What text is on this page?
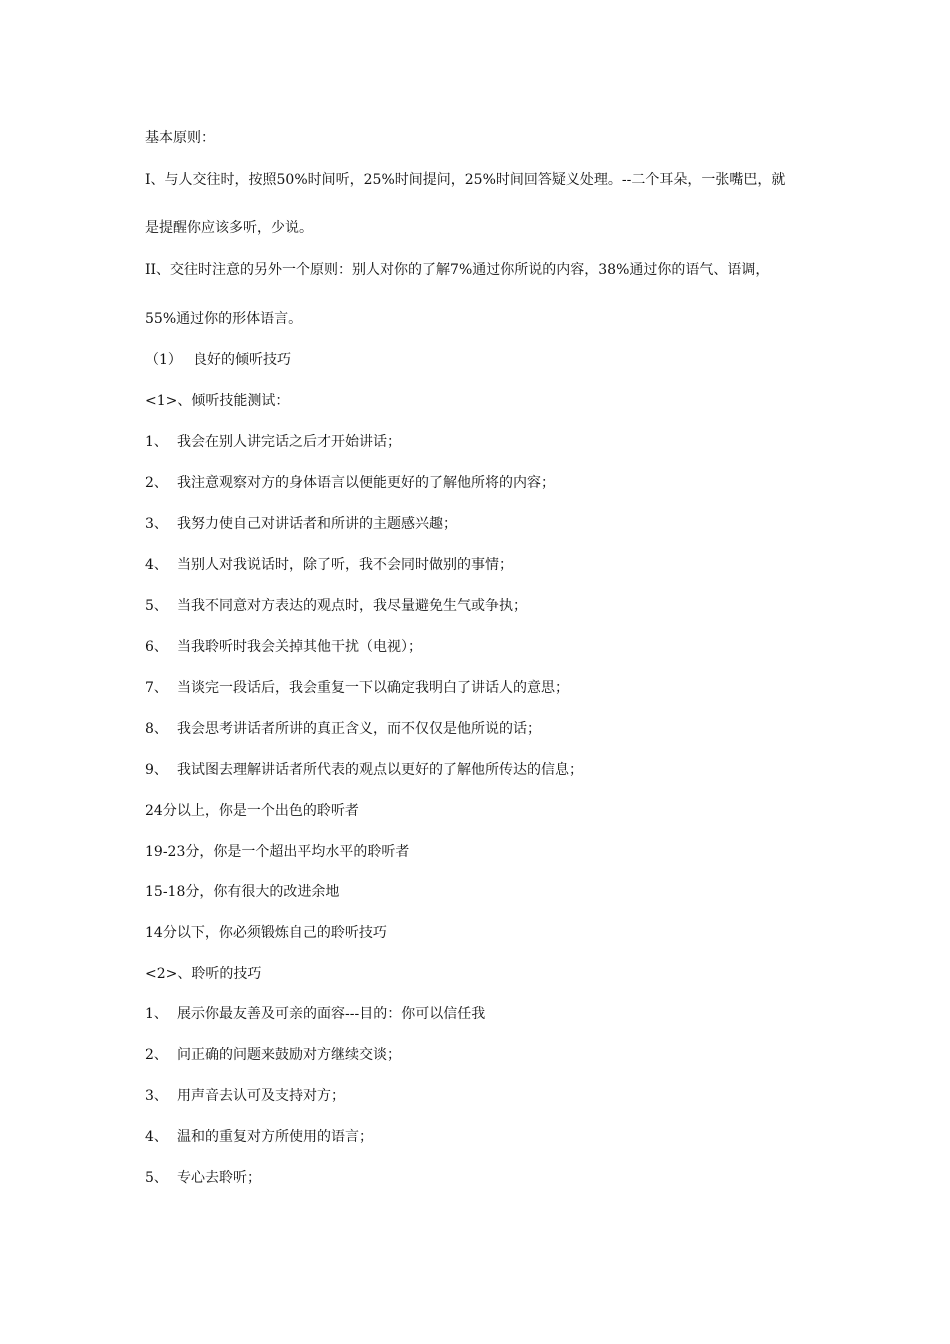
基本原则：
I、与人交往时，按照50%时间听，25%时间提问，25%时间回答疑义处理。--二个耳朵，一张嘴巴，就
是提醒你应该多听，少说。
II、交往时注意的另外一个原则：别人对你的了解7%通过你所说的内容，38%通过你的语气、语调，
55%通过你的形体语言。
（1） 良好的倾听技巧
<1>、倾听技能测试：
1、 我会在别人讲完话之后才开始讲话；
2、 我注意观察对方的身体语言以便能更好的了解他所将的内容；
3、 我努力使自己对讲话者和所讲的主题感兴趣；
4、 当别人对我说话时，除了听，我不会同时做别的事情；
5、 当我不同意对方表达的观点时，我尽量避免生气或争执；
6、 当我聆听时我会关掉其他干扰（电视）；
7、 当谈完一段话后，我会重复一下以确定我明白了讲话人的意思；
8、 我会思考讲话者所讲的真正含义，而不仅仅是他所说的话；
9、 我试图去理解讲话者所代表的观点以更好的了解他所传达的信息；
24分以上，你是一个出色的聆听者
19-23分，你是一个超出平均水平的聆听者
15-18分，你有很大的改进余地
14分以下，你必须锻炼自己的聆听技巧
<2>、聆听的技巧
1、 展示你最友善及可亲的面容---目的：你可以信任我
2、 问正确的问题来鼓励对方继续交谈；
3、 用声音去认可及支持对方；
4、 温和的重复对方所使用的语言；
5、 专心去聆听；
